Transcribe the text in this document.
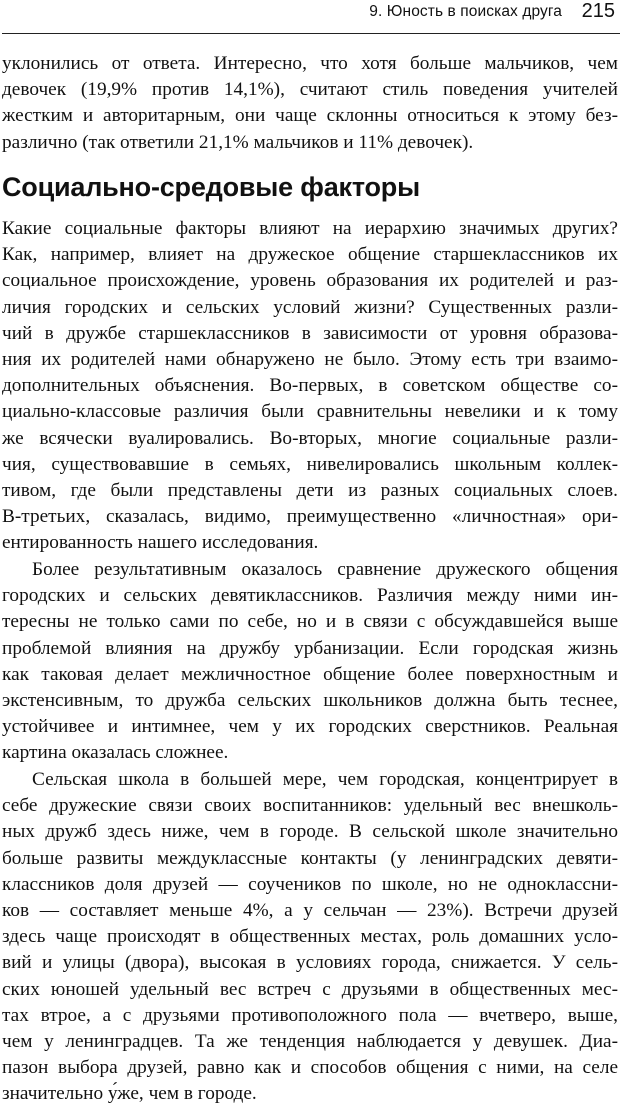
9. Юность в поисках друга 215
уклонились от ответа. Интересно, что хотя больше мальчиков, чем
девочек (19,9% против 14,1%), считают стиль поведения учителей
жестким и авторитарным, они чаще склонны относиться к этому без-
различно (так ответили 21,1% мальчиков и 11% девочек).
Социально-средовые факторы
Какие социальные факторы влияют на иерархию значимых других?
Как, например, влияет на дружеское общение старшеклассников их
социальное происхождение, уровень образования их родителей и раз-
личия городских и сельских условий жизни? Существенных разли-
чий в дружбе старшеклассников в зависимости от уровня образова-
ния их родителей нами обнаружено не было. Этому есть три взаимо-
дополнительных объяснения. Во-первых, в советском обществе со-
циально-классовые различия были сравнительны невелики и к тому
же всячески вуалировались. Во-вторых, многие социальные разли-
чия, существовавшие в семьях, нивелировались школьным коллек-
тивом, где были представлены дети из разных социальных слоев.
В-третьих, сказалась, видимо, преимущественно «личностная» ори-
ентированность нашего исследования.
Более результативным оказалось сравнение дружеского общения
городских и сельских девятиклассников. Различия между ними ин-
тересны не только сами по себе, но и в связи с обсуждавшейся выше
проблемой влияния на дружбу урбанизации. Если городская жизнь
как таковая делает межличностное общение более поверхностным и
экстенсивным, то дружба сельских школьников должна быть теснее,
устойчивее и интимнее, чем у их городских сверстников. Реальная
картина оказалась сложнее.
Сельская школа в большей мере, чем городская, концентрирует в
себе дружеские связи своих воспитанников: удельный вес внешколь-
ных дружб здесь ниже, чем в городе. В сельской школе значительно
больше развиты междуклассные контакты (у ленинградских девяти-
классников доля друзей — соучеников по школе, но не одноклассни-
ков — составляет меньше 4%, а у сельчан — 23%). Встречи друзей
здесь чаще происходят в общественных местах, роль домашних усло-
вий и улицы (двора), высокая в условиях города, снижается. У сель-
ских юношей удельный вес встреч с друзьями в общественных мес-
тах втрое, а с друзьями противоположного пола — вчетверо, выше,
чем у ленинградцев. Та же тенденция наблюдается у девушек. Диа-
пазон выбора друзей, равно как и способов общения с ними, на селе
значительно у́же, чем в городе.
